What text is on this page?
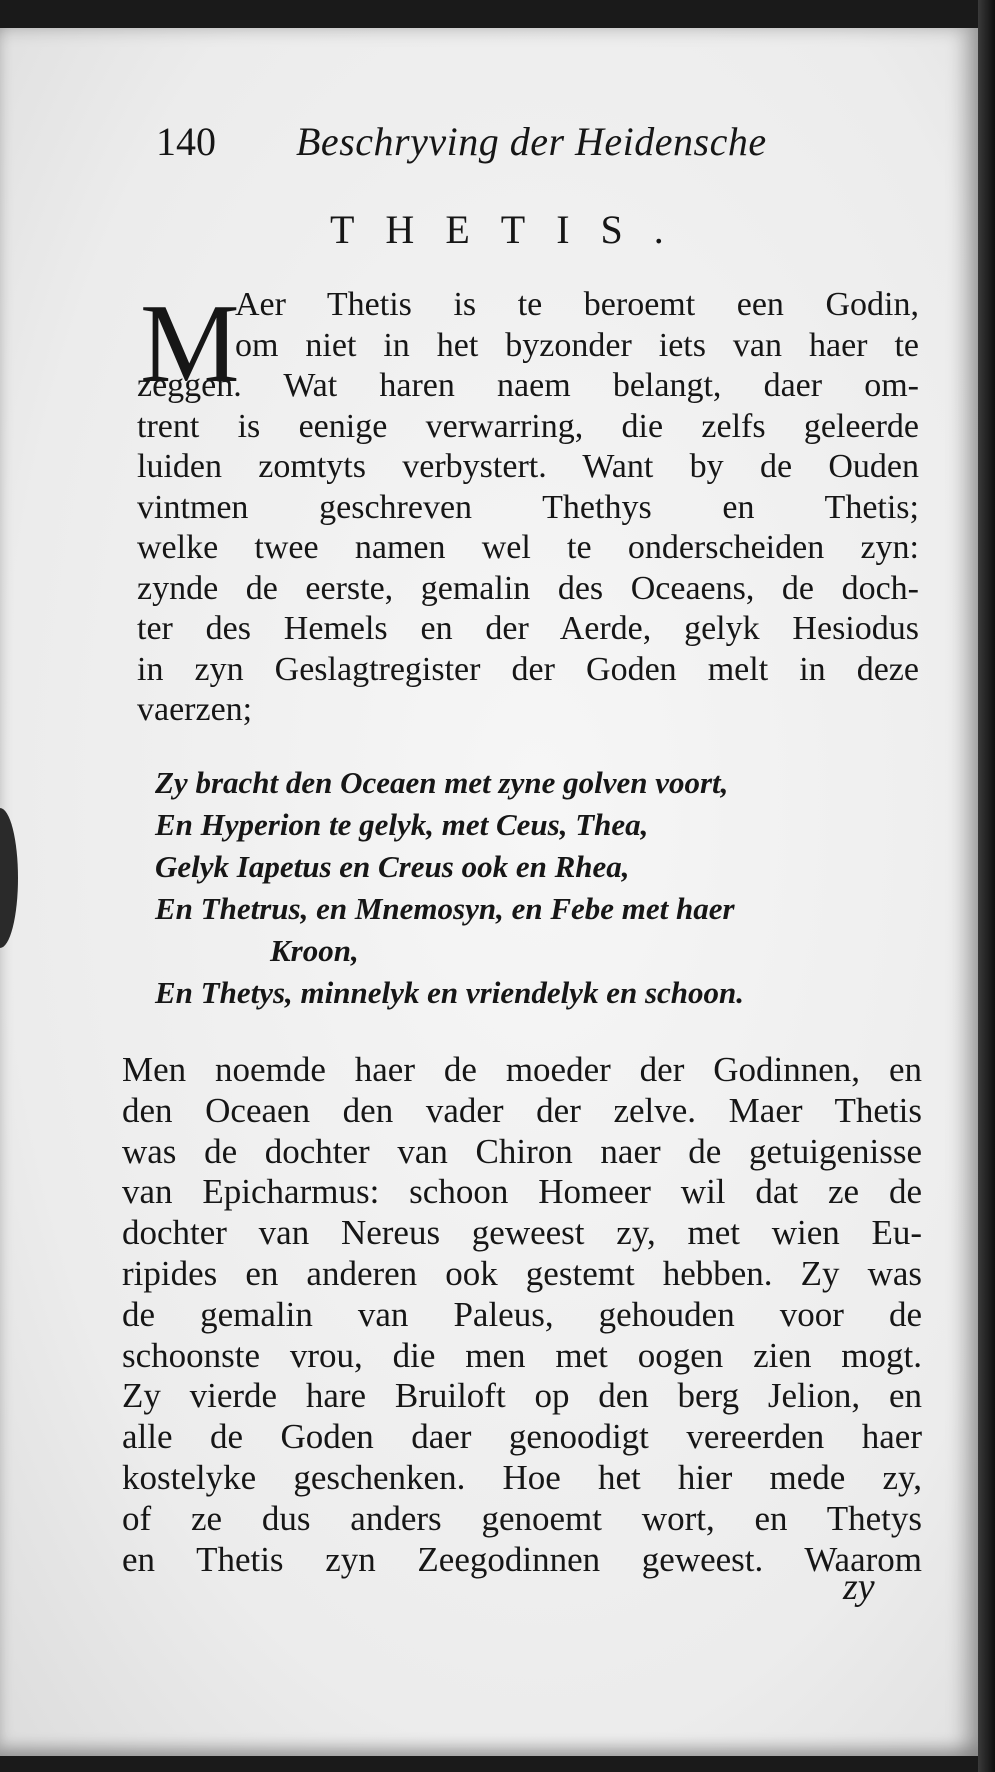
140 Beschryving der Heidensche
THETIS.
M
Aer Thetis is te beroemt een Godin,
om niet in het byzonder iets van haer te
zeggen. Wat haren naem belangt, daer om-
trent is eenige verwarring, die zelfs geleerde
luiden zomtyts verbystert. Want by de Ouden
vintmen geschreven Thethys en Thetis;
welke twee namen wel te onderscheiden zyn:
zynde de eerste, gemalin des Oceaens, de doch-
ter des Hemels en der Aerde, gelyk Hesiodus
in zyn Geslagtregister der Goden melt in deze
vaerzen;
Zy bracht den Oceaen met zyne golven voort,
En Hyperion te gelyk, met Ceus, Thea,
Gelyk Iapetus en Creus ook en Rhea,
En Thetrus, en Mnemosyn, en Febe met haer
Kroon,
En Thetys, minnelyk en vriendelyk en schoon.
Men noemde haer de moeder der Godinnen, en
den Oceaen den vader der zelve. Maer Thetis
was de dochter van Chiron naer de getuigenisse
van Epicharmus: schoon Homeer wil dat ze de
dochter van Nereus geweest zy, met wien Eu-
ripides en anderen ook gestemt hebben. Zy was
de gemalin van Paleus, gehouden voor de
schoonste vrou, die men met oogen zien mogt.
Zy vierde hare Bruiloft op den berg Jelion, en
alle de Goden daer genoodigt vereerden haer
kostelyke geschenken. Hoe het hier mede zy,
of ze dus anders genoemt wort, en Thetys
en Thetis zyn Zeegodinnen geweest. Waarom
zy
